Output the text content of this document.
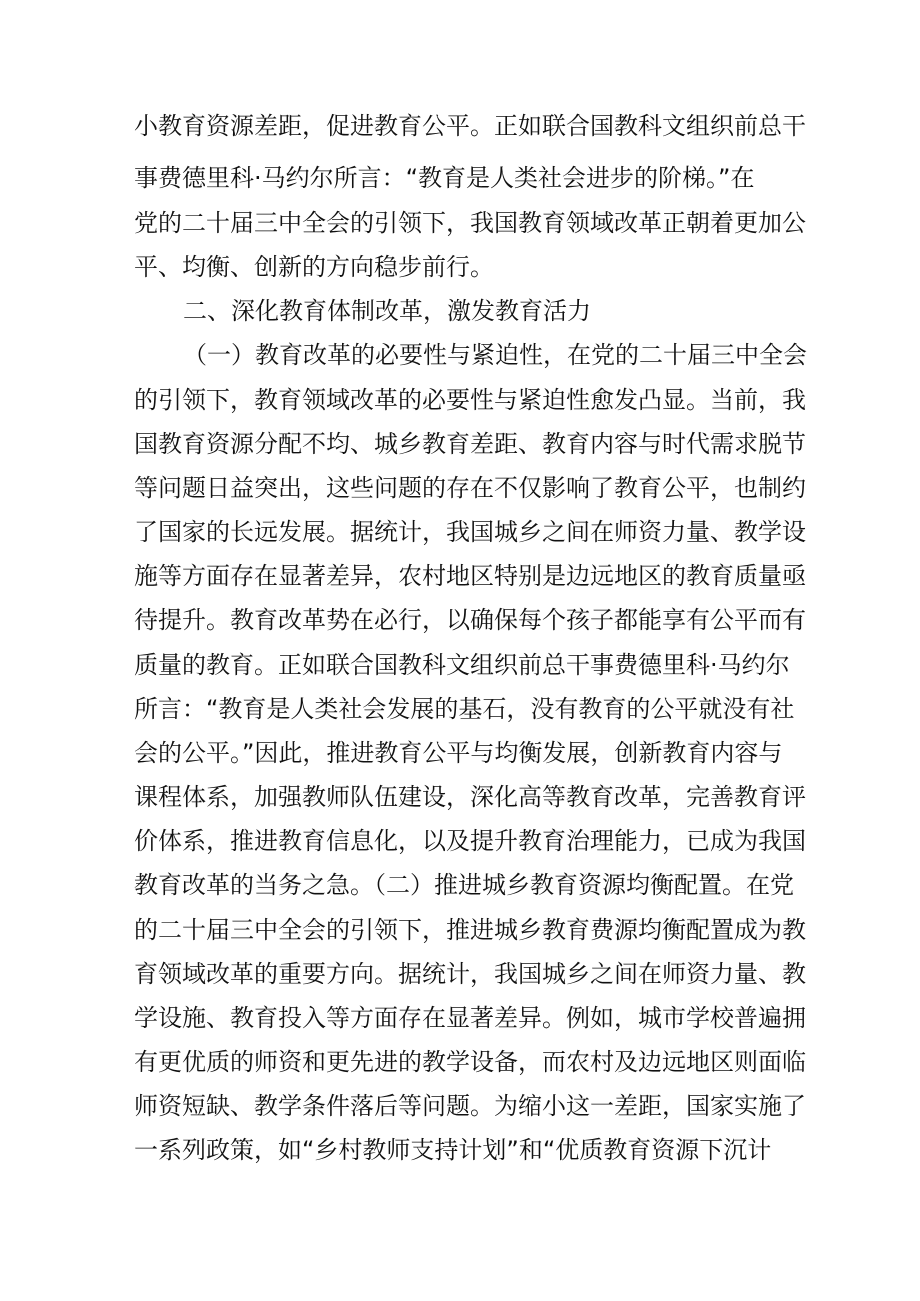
小教育资源差距，促进教育公平。正如联合国教科文组织前总干
事费德里科·马约尔所言：“教育是人类社会进步的阶梯。”在
党的二十届三中全会的引领下，我国教育领域改革正朝着更加公
平、均衡、创新的方向稳步前行。
二、深化教育体制改革，激发教育活力
（一）教育改革的必要性与紧迫性，在党的二十届三中全会
的引领下，教育领域改革的必要性与紧迫性愈发凸显。当前，我
国教育资源分配不均、城乡教育差距、教育内容与时代需求脱节
等问题日益突出，这些问题的存在不仅影响了教育公平，也制约
了国家的长远发展。据统计，我国城乡之间在师资力量、教学设
施等方面存在显著差异，农村地区特别是边远地区的教育质量亟
待提升。教育改革势在必行，以确保每个孩子都能享有公平而有
质量的教育。正如联合国教科文组织前总干事费德里科·马约尔
所言：“教育是人类社会发展的基石，没有教育的公平就没有社
会的公平。”因此，推进教育公平与均衡发展，创新教育内容与
课程体系，加强教师队伍建设，深化高等教育改革，完善教育评
价体系，推进教育信息化，以及提升教育治理能力，已成为我国
教育改革的当务之急。（二）推进城乡教育资源均衡配置。在党
的二十届三中全会的引领下，推进城乡教育费源均衡配置成为教
育领域改革的重要方向。据统计，我国城乡之间在师资力量、教
学设施、教育投入等方面存在显著差异。例如，城市学校普遍拥
有更优质的师资和更先进的教学设备，而农村及边远地区则面临
师资短缺、教学条件落后等问题。为缩小这一差距，国家实施了
一系列政策，如“乡村教师支持计划”和“优质教育资源下沉计
